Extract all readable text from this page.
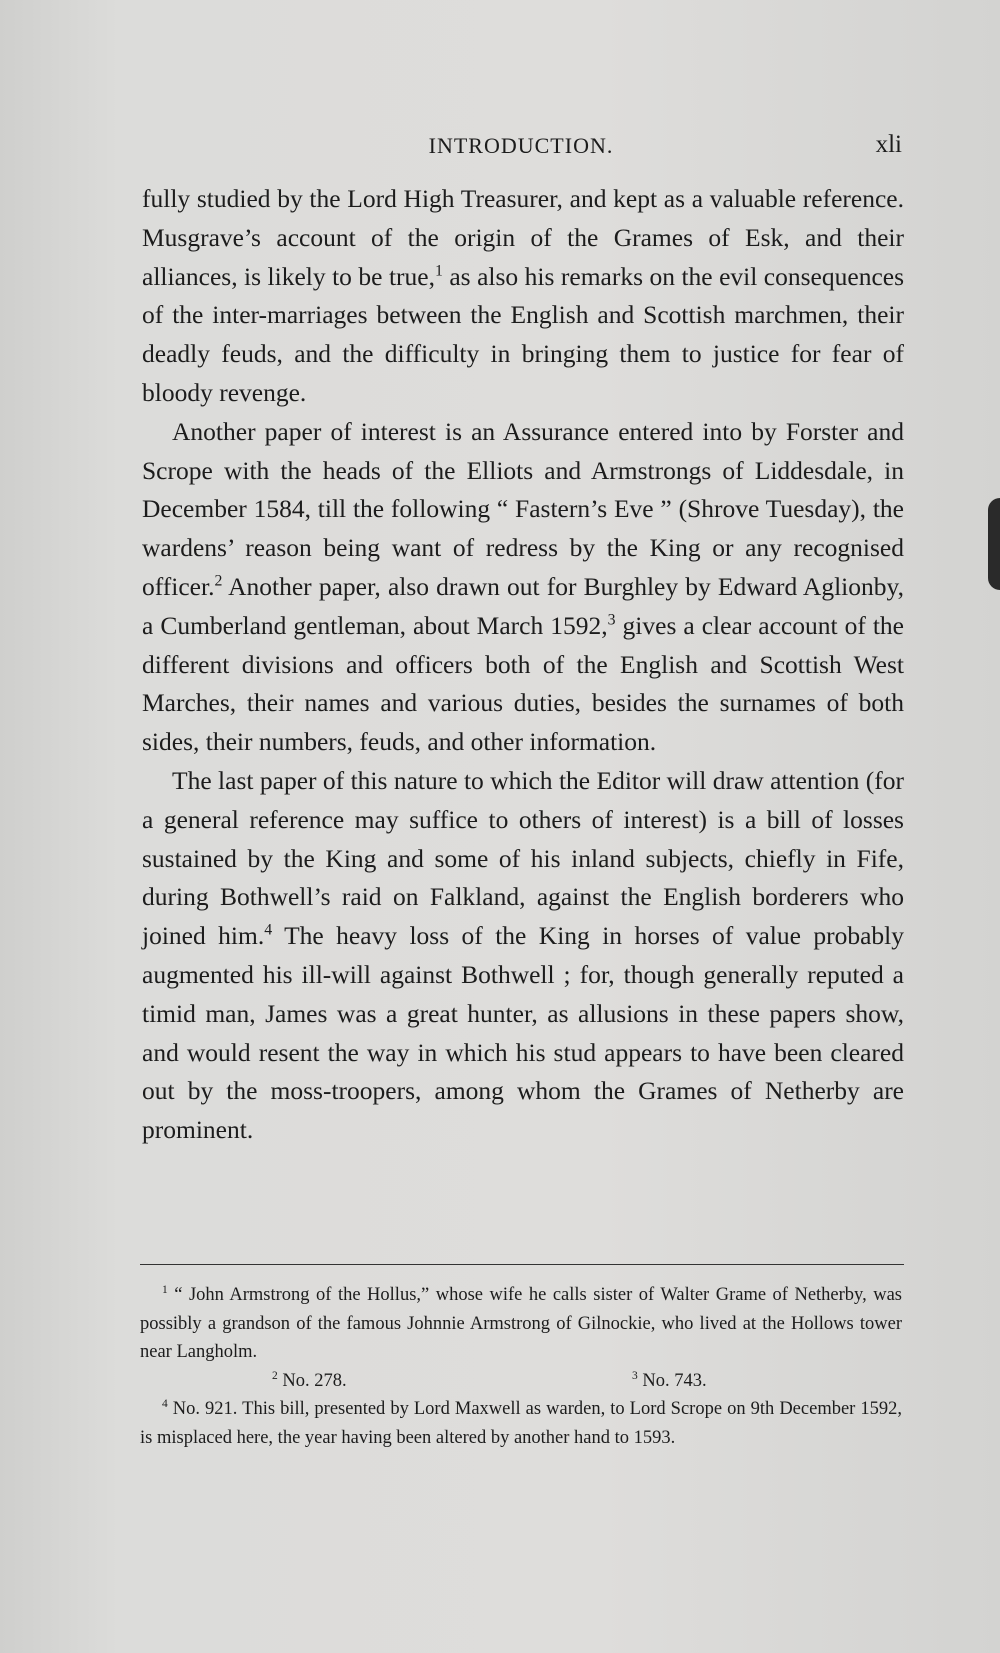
INTRODUCTION.	xli

fully studied by the Lord High Treasurer, and kept as a valuable reference. Musgrave’s account of the origin of the Grames of Esk, and their alliances, is likely to be true,$^1$ as also his remarks on the evil consequences of the inter-marriages between the English and Scottish marchmen, their deadly feuds, and the difficulty in bringing them to justice for fear of bloody revenge.

Another paper of interest is an Assurance entered into by Forster and Scrope with the heads of the Elliots and Armstrongs of Liddesdale, in December 1584, till the following “ Fastern’s Eve ” (Shrove Tuesday), the wardens’ reason being want of redress by the King or any recognised officer.$^2$ Another paper, also drawn out for Burghley by Edward Aglionby, a Cumberland gentleman, about March 1592,$^3$ gives a clear account of the different divisions and officers both of the English and Scottish West Marches, their names and various duties, besides the surnames of both sides, their numbers, feuds, and other information.

The last paper of this nature to which the Editor will draw attention (for a general reference may suffice to others of interest) is a bill of losses sustained by the King and some of his inland subjects, chiefly in Fife, during Bothwell’s raid on Falkland, against the English borderers who joined him.$^4$ The heavy loss of the King in horses of value probably augmented his ill-will against Bothwell ; for, though generally reputed a timid man, James was a great hunter, as allusions in these papers show, and would resent the way in which his stud appears to have been cleared out by the moss-troopers, among whom the Grames of Netherby are prominent.

$^1$ “ John Armstrong of the Hollus,” whose wife he calls sister of Walter Grame of Netherby, was possibly a grandson of the famous Johnnie Armstrong of Gilnockie, who lived at the Hollows tower near Langholm.

$^2$ No. 278.	$^3$ No. 743.

$^4$ No. 921. This bill, presented by Lord Maxwell as warden, to Lord Scrope on 9th December 1592, is misplaced here, the year having been altered by another hand to 1593.
